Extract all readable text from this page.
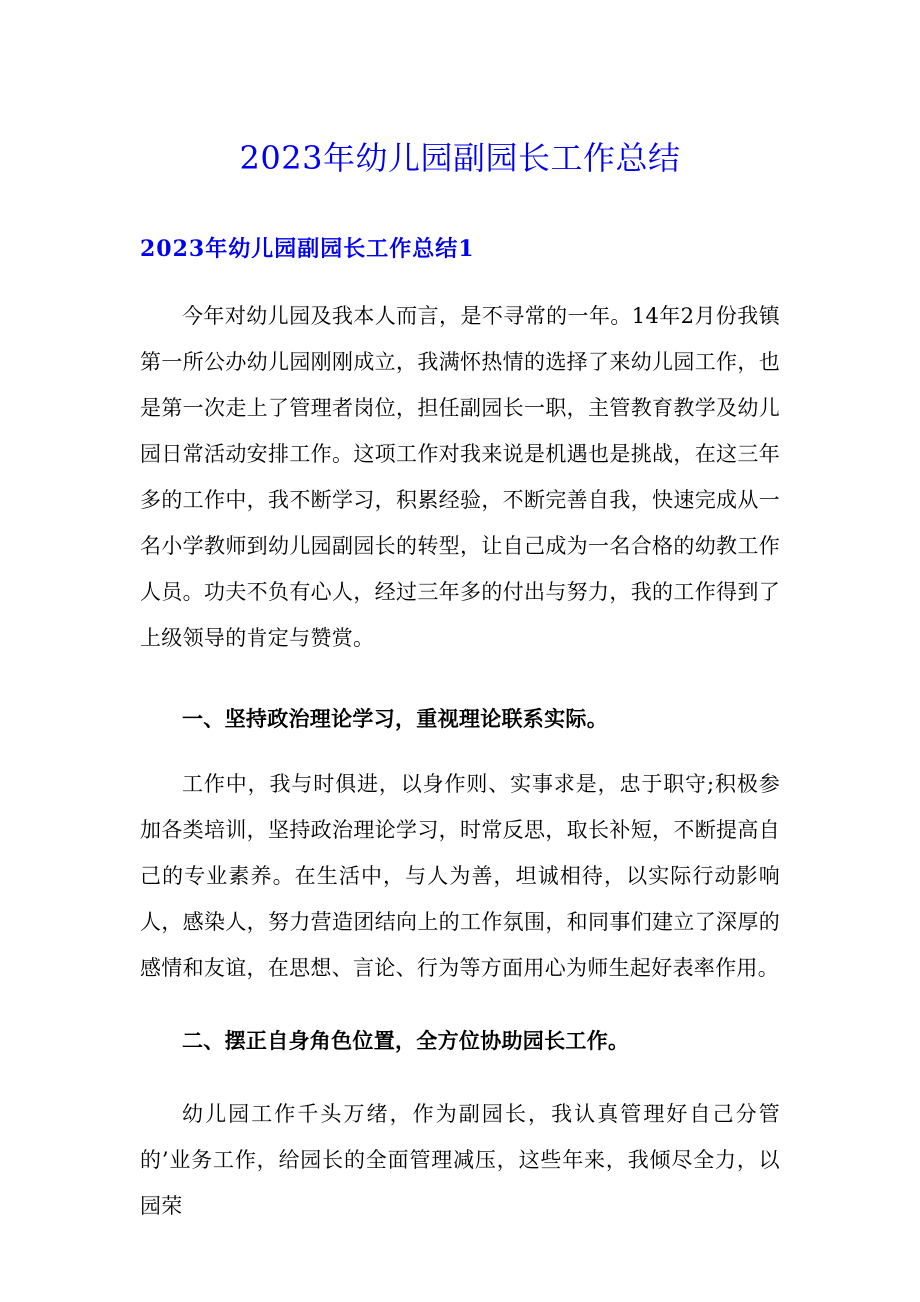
2023年幼儿园副园长工作总结
2023年幼儿园副园长工作总结1

今年对幼儿园及我本人而言，是不寻常的一年。14年2月份我镇第一所公办幼儿园刚刚成立，我满怀热情的选择了来幼儿园工作，也是第一次走上了管理者岗位，担任副园长一职，主管教育教学及幼儿园日常活动安排工作。这项工作对我来说是机遇也是挑战，在这三年多的工作中，我不断学习，积累经验，不断完善自我，快速完成从一名小学教师到幼儿园副园长的转型，让自己成为一名合格的幼教工作人员。功夫不负有心人，经过三年多的付出与努力，我的工作得到了上级领导的肯定与赞赏。

一、坚持政治理论学习，重视理论联系实际。

工作中，我与时俱进，以身作则、实事求是，忠于职守;积极参加各类培训，坚持政治理论学习，时常反思，取长补短，不断提高自己的专业素养。在生活中，与人为善，坦诚相待，以实际行动影响人，感染人，努力营造团结向上的工作氛围，和同事们建立了深厚的感情和友谊，在思想、言论、行为等方面用心为师生起好表率作用。

二、摆正自身角色位置，全方位协助园长工作。

幼儿园工作千头万绪，作为副园长，我认真管理好自己分管的’业务工作，给园长的全面管理减压，这些年来，我倾尽全力，以园荣
